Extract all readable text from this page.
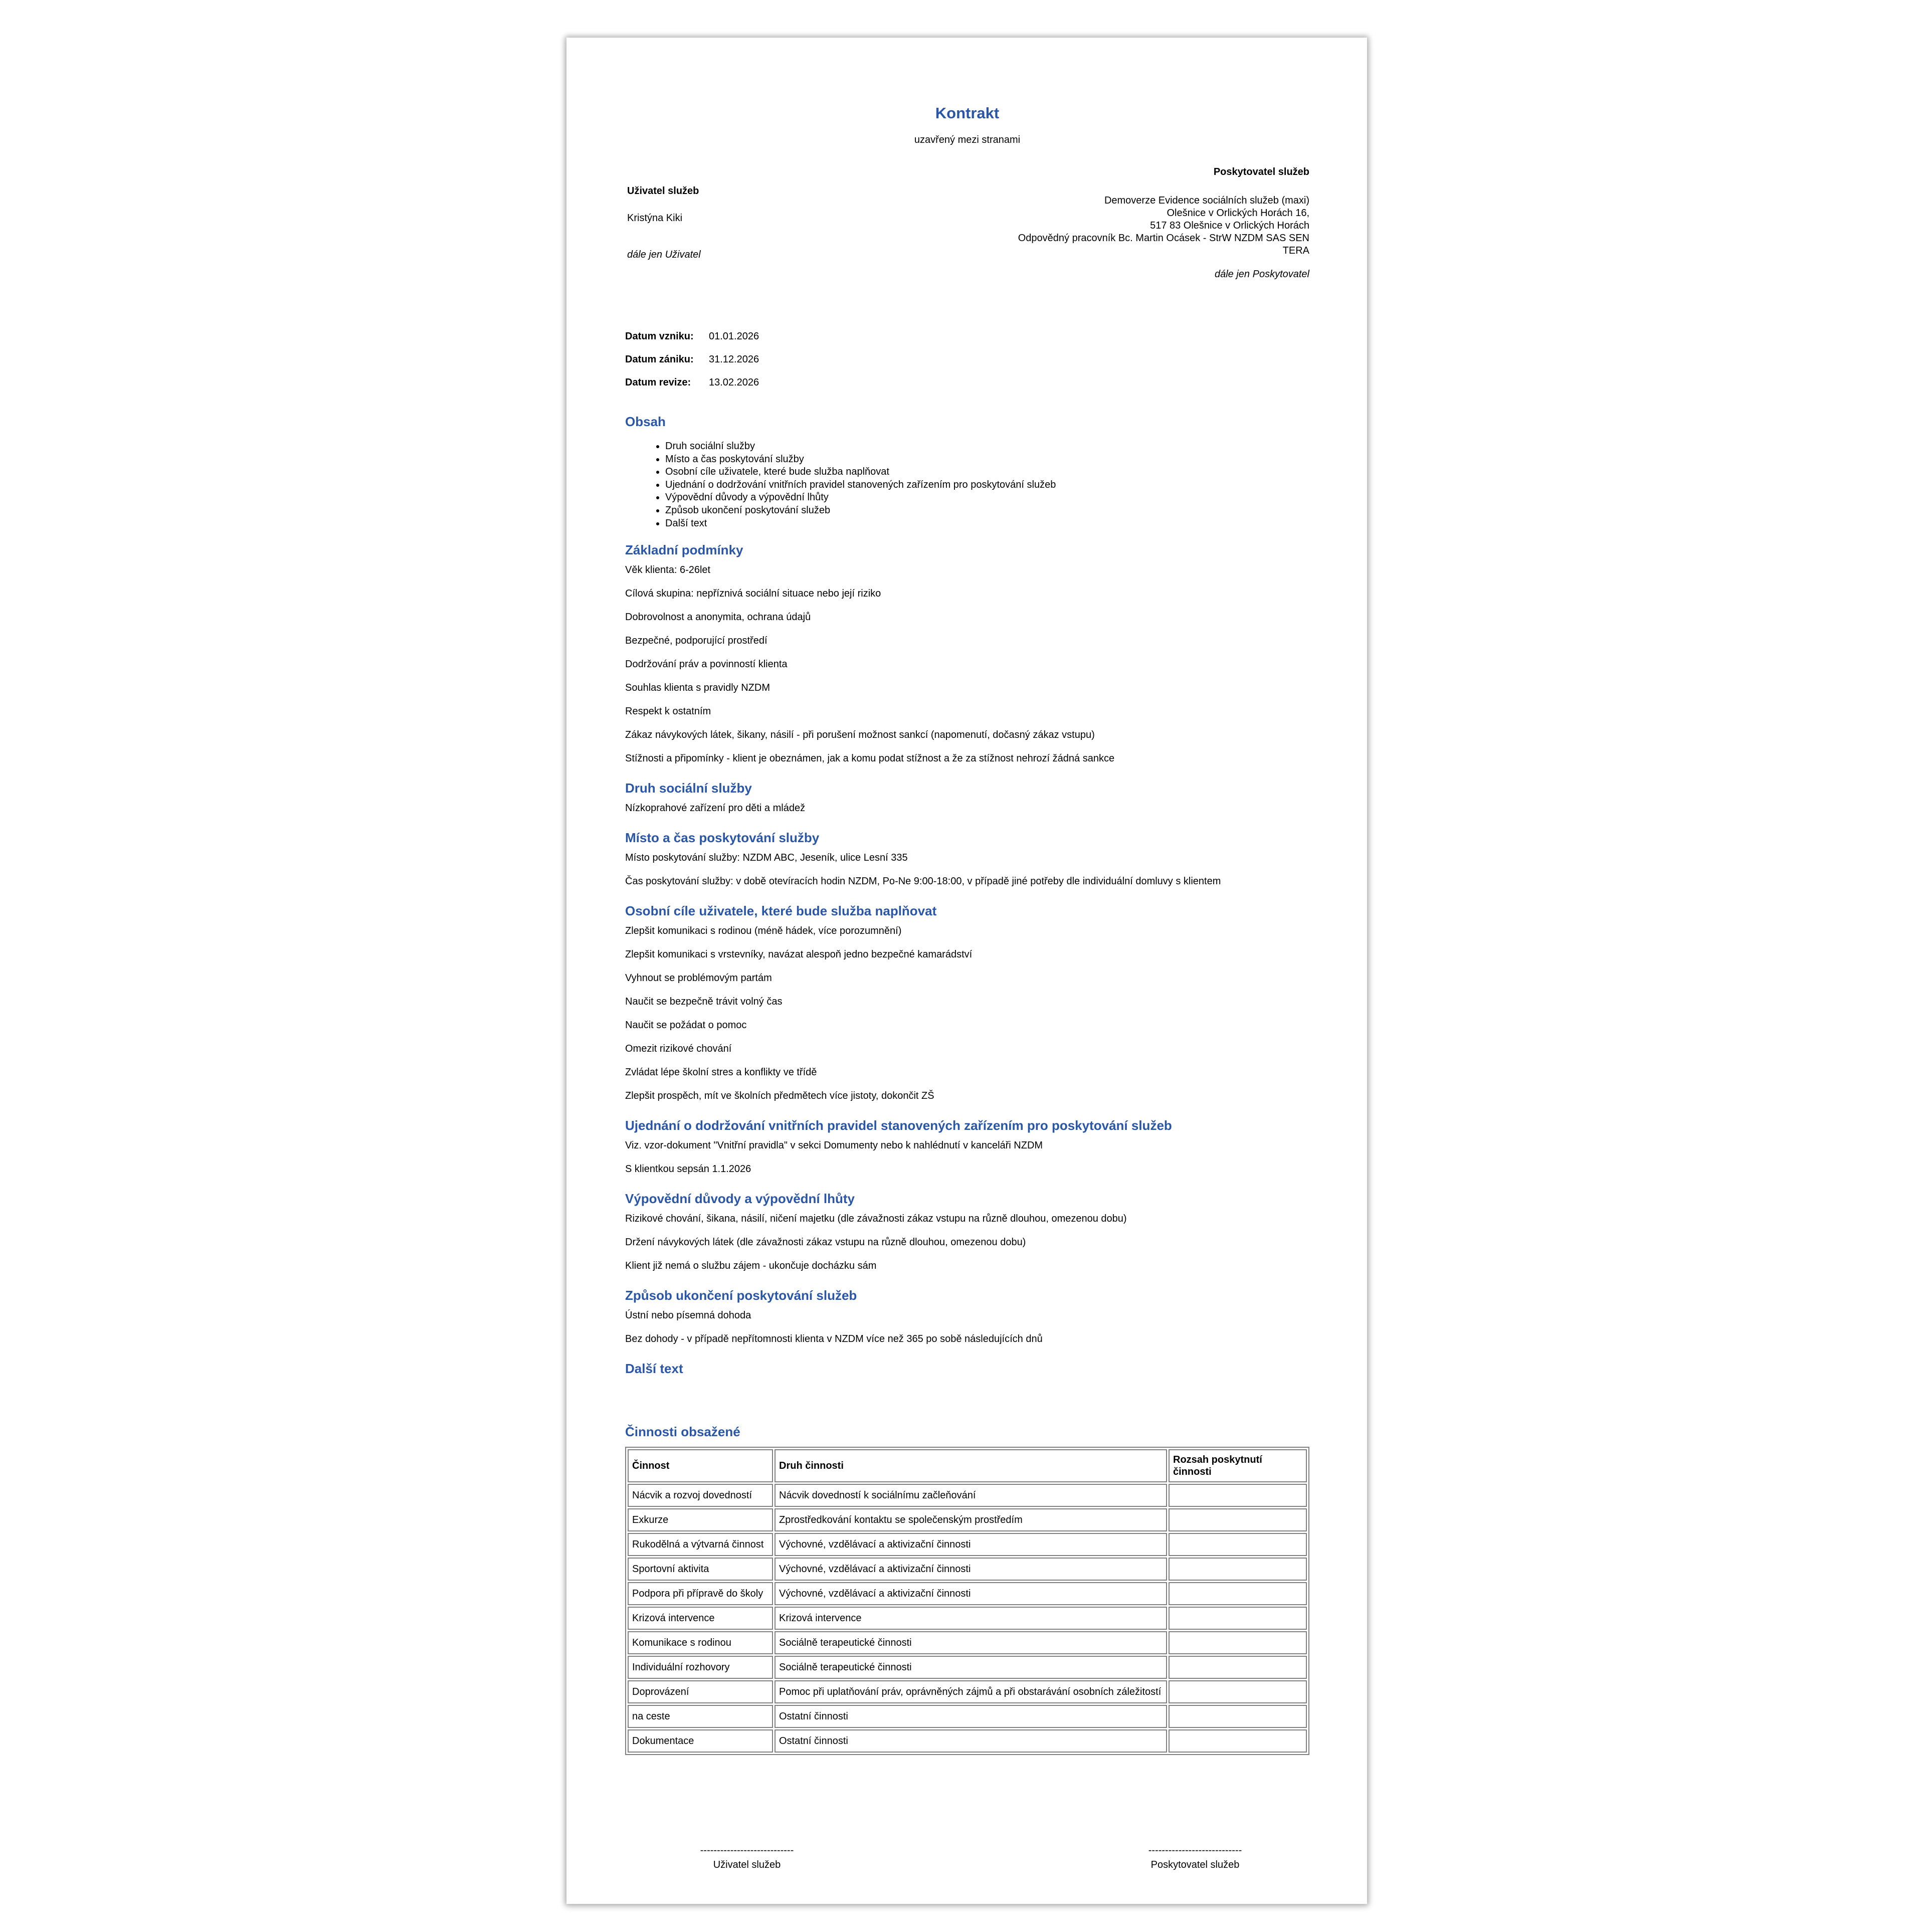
Kontrakt
uzavřený mezi stranami

Uživatel služeb

Kristýna Kiki

dále jen Uživatel

Poskytovatel služeb

Demoverze Evidence sociálních služeb (maxi)

Olešnice v Orlických Horách 16,

517 83 Olešnice v Orlických Horách

Odpovědný pracovník Bc. Martin Ocásek - StrW NZDM SAS SEN

TERA

dále jen Poskytovatel

Datum vzniku:	01.01.2026
Datum zániku:	31.12.2026
Datum revize:	13.02.2026
Obsah
• Druh sociální služby
• Místo a čas poskytování služby
• Osobní cíle uživatele, které bude služba naplňovat
• Ujednání o dodržování vnitřních pravidel stanovených zařízením pro poskytování služeb
• Výpovědní důvody a výpovědní lhůty
• Způsob ukončení poskytování služeb
• Další text
Základní podmínky

Věk klienta: 6-26let

Cílová skupina: nepříznivá sociální situace nebo její riziko

Dobrovolnost a anonymita, ochrana údajů

Bezpečné, podporující prostředí

Dodržování práv a povinností klienta

Souhlas klienta s pravidly NZDM

Respekt k ostatním

Zákaz návykových látek, šikany, násilí - při porušení možnost sankcí (napomenutí, dočasný zákaz vstupu)

Stížnosti a připomínky - klient je obeznámen, jak a komu podat stížnost a že za stížnost nehrozí žádná sankce

Druh sociální služby

Nízkoprahové zařízení pro děti a mládež

Místo a čas poskytování služby

Místo poskytování služby: NZDM ABC, Jeseník, ulice Lesní 335

Čas poskytování služby: v době otevíracích hodin NZDM, Po-Ne 9:00-18:00, v případě jiné potřeby dle individuální domluvy s klientem

Osobní cíle uživatele, které bude služba naplňovat

Zlepšit komunikaci s rodinou (méně hádek, více porozumnění)

Zlepšit komunikaci s vrstevníky, navázat alespoň jedno bezpečné kamarádství

Vyhnout se problémovým partám

Naučit se bezpečně trávit volný čas

Naučit se požádat o pomoc

Omezit rizikové chování

Zvládat lépe školní stres a konflikty ve třídě

Zlepšit prospěch, mít ve školních předmětech více jistoty, dokončit ZŠ

Ujednání o dodržování vnitřních pravidel stanovených zařízením pro poskytování služeb

Viz. vzor-dokument "Vnitřní pravidla" v sekci Domumenty nebo k nahlédnutí v kanceláři NZDM

S klientkou sepsán 1.1.2026

Výpovědní důvody a výpovědní lhůty

Rizikové chování, šikana, násilí, ničení majetku (dle závažnosti zákaz vstupu na různě dlouhou, omezenou dobu)

Držení návykových látek (dle závažnosti zákaz vstupu na různě dlouhou, omezenou dobu)

Klient již nemá o službu zájem - ukončuje docházku sám

Způsob ukončení poskytování služeb

Ústní nebo písemná dohoda

Bez dohody - v případě nepřítomnosti klienta v NZDM více než 365 po sobě následujících dnů

Další text
Činnosti obsažené
Činnost	Druh činnosti	Rozsah poskytnutí činnosti
Nácvik a rozvoj dovedností	Nácvik dovedností k sociálnímu začleňování	
Exkurze	Zprostředkování kontaktu se společenským prostředím	
Rukodělná a výtvarná činnost	Výchovné, vzdělávací a aktivizační činnosti	
Sportovní aktivita	Výchovné, vzdělávací a aktivizační činnosti	
Podpora při přípravě do školy	Výchovné, vzdělávací a aktivizační činnosti	
Krizová intervence	Krizová intervence	
Komunikace s rodinou	Sociálně terapeutické činnosti	
Individuální rozhovory	Sociálně terapeutické činnosti	
Doprovázení	Pomoc při uplatňování práv, oprávněných zájmů a při obstarávání osobních záležitostí	
na ceste	Ostatní činnosti	
Dokumentace	Ostatní činnosti	

----------------------------

Uživatel služeb

----------------------------

Poskytovatel služeb
